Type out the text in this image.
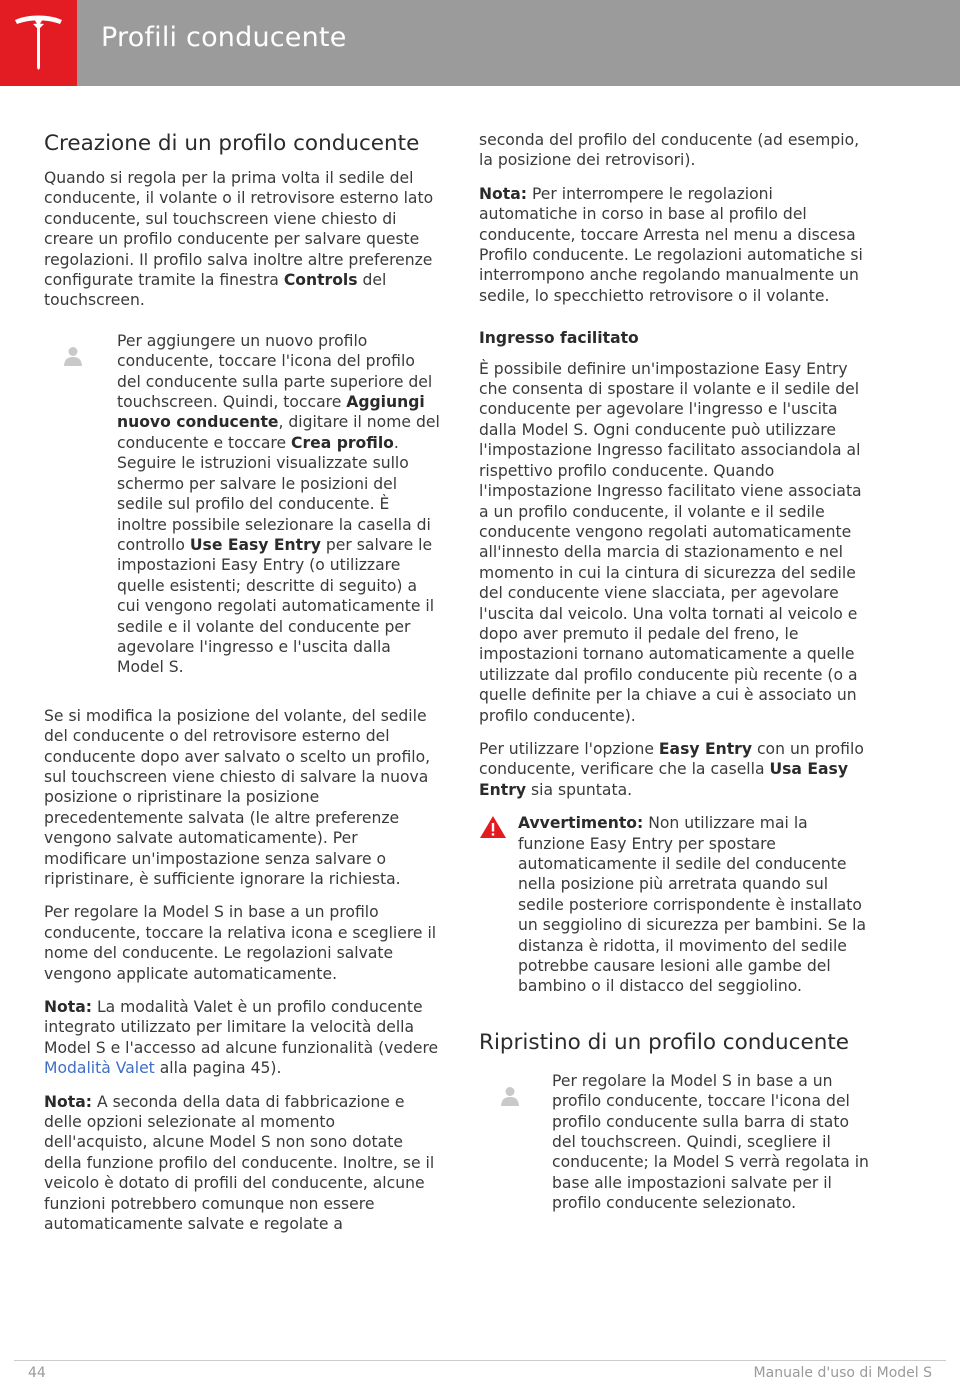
Profili conducente
Creazione di un profilo conducente

Quando si regola per la prima volta il sedile del conducente, il volante o il retrovisore esterno lato conducente, sul touchscreen viene chiesto di creare un profilo conducente per salvare queste regolazioni. Il profilo salva inoltre altre preferenze configurate tramite la finestra Controls del touchscreen.

Per aggiungere un nuovo profilo conducente, toccare l'icona del profilo del conducente sulla parte superiore del touchscreen. Quindi, toccare Aggiungi nuovo conducente, digitare il nome del conducente e toccare Crea profilo. Seguire le istruzioni visualizzate sullo schermo per salvare le posizioni del sedile sul profilo del conducente. È inoltre possibile selezionare la casella di controllo Use Easy Entry per salvare le impostazioni Easy Entry (o utilizzare quelle esistenti; descritte di seguito) a cui vengono regolati automaticamente il sedile e il volante del conducente per agevolare l'ingresso e l'uscita dalla Model S.

Se si modifica la posizione del volante, del sedile del conducente o del retrovisore esterno del conducente dopo aver salvato o scelto un profilo, sul touchscreen viene chiesto di salvare la nuova posizione o ripristinare la posizione precedentemente salvata (le altre preferenze vengono salvate automaticamente). Per modificare un'impostazione senza salvare o ripristinare, è sufficiente ignorare la richiesta.

Per regolare la Model S in base a un profilo conducente, toccare la relativa icona e scegliere il nome del conducente. Le regolazioni salvate vengono applicate automaticamente.

Nota: La modalità Valet è un profilo conducente integrato utilizzato per limitare la velocità della Model S e l'accesso ad alcune funzionalità (vedere Modalità Valet alla pagina 45).

Nota: A seconda della data di fabbricazione e delle opzioni selezionate al momento dell'acquisto, alcune Model S non sono dotate della funzione profilo del conducente. Inoltre, se il veicolo è dotato di profili del conducente, alcune funzioni potrebbero comunque non essere automaticamente salvate e regolate a

seconda del profilo del conducente (ad esempio, la posizione dei retrovisori).

Nota: Per interrompere le regolazioni automatiche in corso in base al profilo del conducente, toccare Arresta nel menu a discesa Profilo conducente. Le regolazioni automatiche si interrompono anche regolando manualmente un sedile, lo specchietto retrovisore o il volante.

Ingresso facilitato

È possibile definire un'impostazione Easy Entry che consenta di spostare il volante e il sedile del conducente per agevolare l'ingresso e l'uscita dalla Model S. Ogni conducente può utilizzare l'impostazione Ingresso facilitato associandola al rispettivo profilo conducente. Quando l'impostazione Ingresso facilitato viene associata a un profilo conducente, il volante e il sedile conducente vengono regolati automaticamente all'innesto della marcia di stazionamento e nel momento in cui la cintura di sicurezza del sedile del conducente viene slacciata, per agevolare l'uscita dal veicolo. Una volta tornati al veicolo e dopo aver premuto il pedale del freno, le impostazioni tornano automaticamente a quelle utilizzate dal profilo conducente più recente (o a quelle definite per la chiave a cui è associato un profilo conducente).

Per utilizzare l'opzione Easy Entry con un profilo conducente, verificare che la casella Usa Easy Entry sia spuntata.

Avvertimento: Non utilizzare mai la funzione Easy Entry per spostare automaticamente il sedile del conducente nella posizione più arretrata quando sul sedile posteriore corrispondente è installato un seggiolino di sicurezza per bambini. Se la distanza è ridotta, il movimento del sedile potrebbe causare lesioni alle gambe del bambino o il distacco del seggiolino.
Ripristino di un profilo conducente
Per regolare la Model S in base a un profilo conducente, toccare l'icona del profilo conducente sulla barra di stato del touchscreen. Quindi, scegliere il conducente; la Model S verrà regolata in base alle impostazioni salvate per il profilo conducente selezionato.
44	Manuale d'uso di Model S
